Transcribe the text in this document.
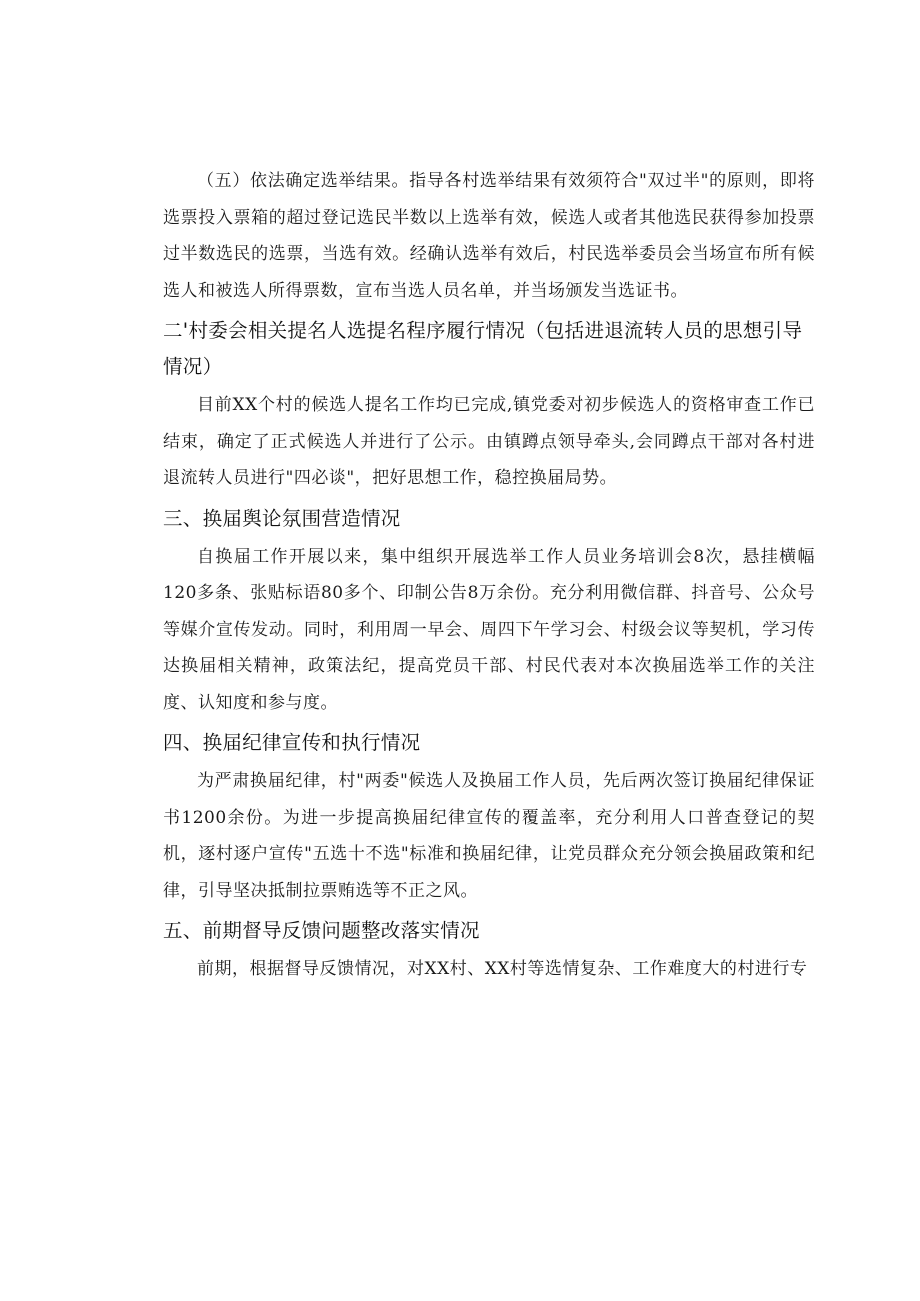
（五）依法确定选举结果。指导各村选举结果有效须符合"双过半"的原则，即将选票投入票箱的超过登记选民半数以上选举有效，候选人或者其他选民获得参加投票过半数选民的选票，当选有效。经确认选举有效后，村民选举委员会当场宣布所有候选人和被选人所得票数，宣布当选人员名单，并当场颁发当选证书。

二'村委会相关提名人选提名程序履行情况（包括进退流转人员的思想引导情况）

目前XX个村的候选人提名工作均已完成,镇党委对初步候选人的资格审查工作已结束，确定了正式候选人并进行了公示。由镇蹲点领导牵头,会同蹲点干部对各村进退流转人员进行"四必谈"，把好思想工作，稳控换届局势。

三、换届舆论氛围营造情况

自换届工作开展以来，集中组织开展选举工作人员业务培训会8次，悬挂横幅120多条、张贴标语80多个、印制公告8万余份。充分利用微信群、抖音号、公众号等媒介宣传发动。同时，利用周一早会、周四下午学习会、村级会议等契机，学习传达换届相关精神，政策法纪，提高党员干部、村民代表对本次换届选举工作的关注度、认知度和参与度。

四、换届纪律宣传和执行情况

为严肃换届纪律，村"两委"候选人及换届工作人员，先后两次签订换届纪律保证书1200余份。为进一步提高换届纪律宣传的覆盖率，充分利用人口普查登记的契机，逐村逐户宣传"五选十不选"标准和换届纪律，让党员群众充分领会换届政策和纪律，引导坚决抵制拉票贿选等不正之风。

五、前期督导反馈问题整改落实情况

前期，根据督导反馈情况，对XX村、XX村等选情复杂、工作难度大的村进行专
